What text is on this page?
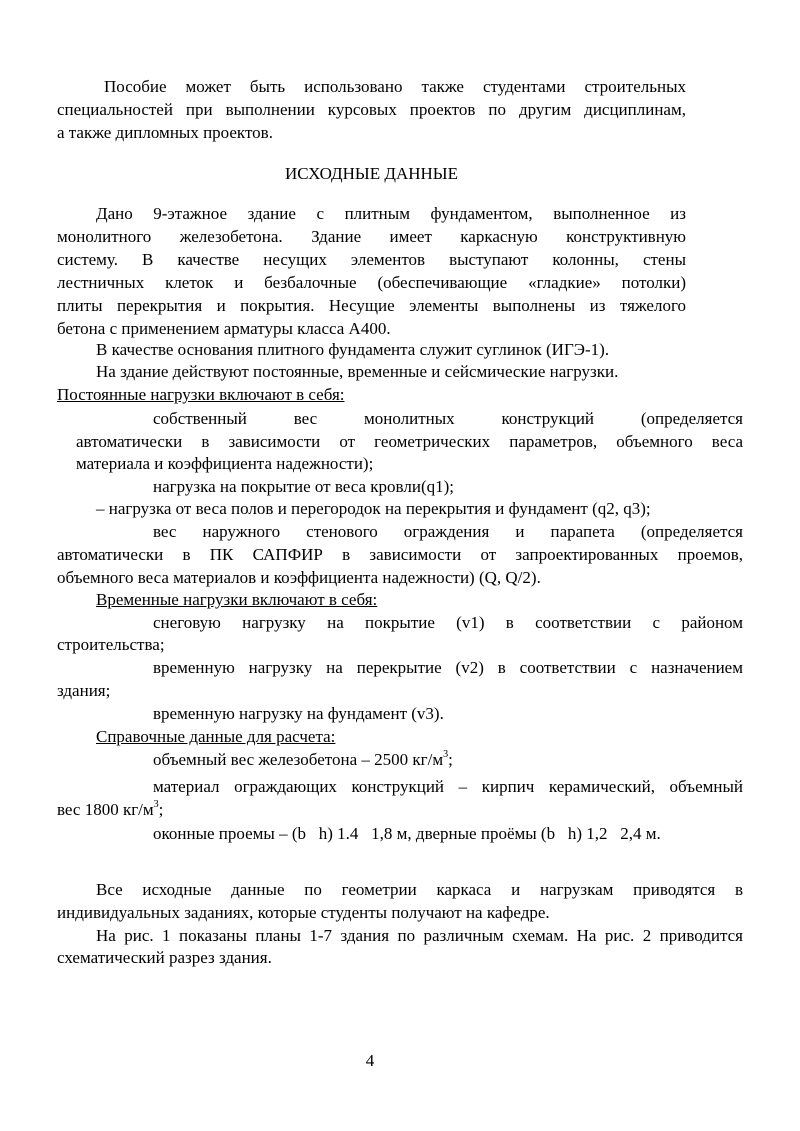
Пособие может быть использовано также студентами строительных
специальностей при выполнении курсовых проектов по другим дисциплинам,
а также дипломных проектов.
ИСХОДНЫЕ ДАННЫЕ
Дано 9-этажное здание с плитным фундаментом, выполненное из
монолитного железобетона. Здание имеет каркасную конструктивную
систему. В качестве несущих элементов выступают колонны, стены
лестничных клеток и безбалочные (обеспечивающие «гладкие» потолки)
плиты перекрытия и покрытия. Несущие элементы выполнены из тяжелого
бетона с применением арматуры класса А400.
В качестве основания плитного фундамента служит суглинок (ИГЭ-1).
На здание действуют постоянные, временные и сейсмические нагрузки.
Постоянные нагрузки включают в себя:
собственный вес монолитных конструкций (определяется
автоматически в зависимости от геометрических параметров, объемного веса
материала и коэффициента надежности);
нагрузка на покрытие от веса кровли(q1);
– нагрузка от веса полов и перегородок на перекрытия и фундамент (q2, q3);
вес наружного стенового ограждения и парапета (определяется
автоматически в ПК САПФИР в зависимости от запроектированных проемов,
объемного веса материалов и коэффициента надежности) (Q, Q/2).
Временные нагрузки включают в себя:
снеговую нагрузку на покрытие (v1) в соответствии с районом
строительства;
временную нагрузку на перекрытие (v2) в соответствии с назначением
здания;
временную нагрузку на фундамент (v3).
Справочные данные для расчета:
объемный вес железобетона – 2500 $кг/м^3$;
материал ограждающих конструкций – кирпич керамический, объемный
вес 1800 $кг/м^3$;
оконные проемы – (b   h) 1.4   1,8 м, дверные проёмы (b   h) 1,2   2,4 м.
Все исходные данные по геометрии каркаса и нагрузкам приводятся в
индивидуальных заданиях, которые студенты получают на кафедре.
На рис. 1 показаны планы 1-7 здания по различным схемам. На рис. 2 приводится
схематический разрез здания.
4
